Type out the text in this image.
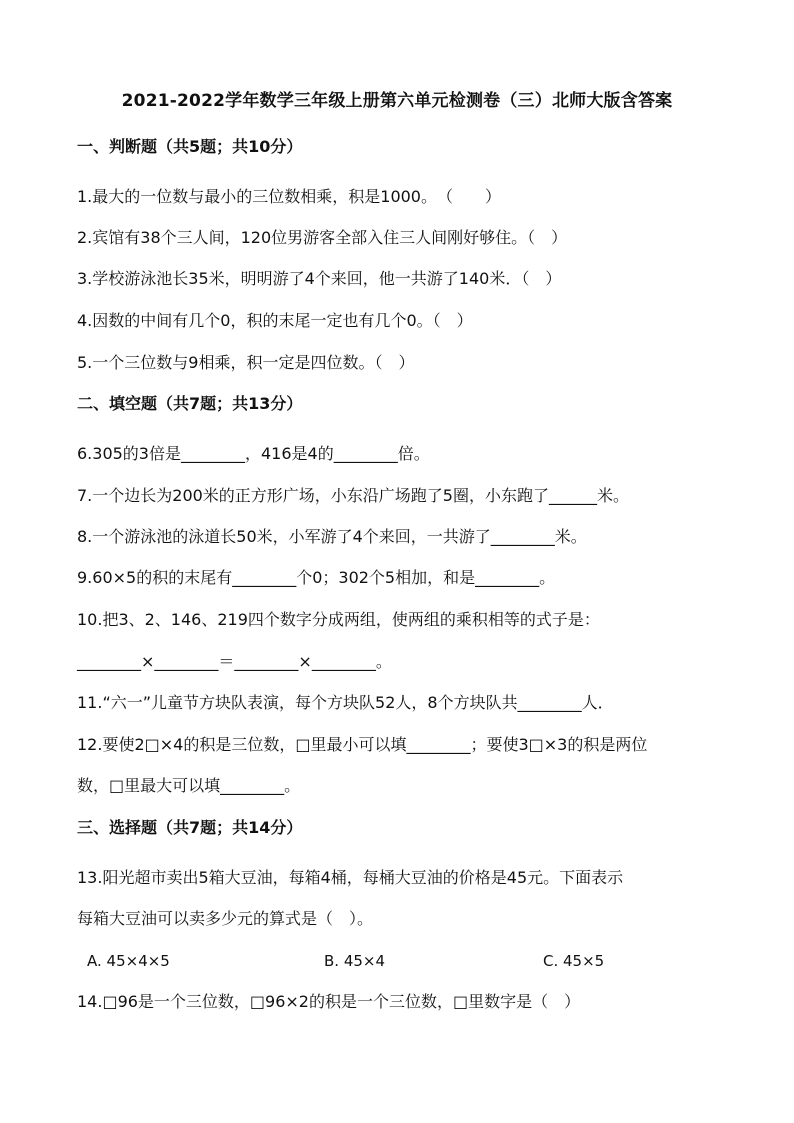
2021-2022学年数学三年级上册第六单元检测卷（三）北师大版含答案
一、判断题（共5题；共10分）
1.最大的一位数与最小的三位数相乘，积是1000。　（　　）
2.宾馆有38个三人间，120位男游客全部入住三人间刚好够住。（　）
3.学校游泳池长35米，明明游了4个来回，他一共游了140米．（　）
4.因数的中间有几个0，积的末尾一定也有几个0。（　）
5.一个三位数与9相乘，积一定是四位数。（　）
二、填空题（共7题；共13分）
6.305的3倍是________，416是4的________倍。
7.一个边长为200米的正方形广场，小东沿广场跑了5圈，小东跑了______米。
8.一个游泳池的泳道长50米，小军游了4个来回，一共游了________米。
9.60×5的积的末尾有________个0；302个5相加，和是________。
10.把3、2、146、219四个数字分成两组，使两组的乘积相等的式子是：
________×________＝________×________。
11.“六一”儿童节方块队表演，每个方块队52人，8个方块队共________人．
12.要使2□×4的积是三位数，□里最小可以填________；要使3□×3的积是两位
数，□里最大可以填________。
三、选择题（共7题；共14分）
13.阳光超市卖出5箱大豆油，每箱4桶，每桶大豆油的价格是45元。下面表示
每箱大豆油可以卖多少元的算式是（　）。
A. 45×4×5	B. 45×4	C. 45×5
14.□96是一个三位数，□96×2的积是一个三位数，□里数字是（　）
